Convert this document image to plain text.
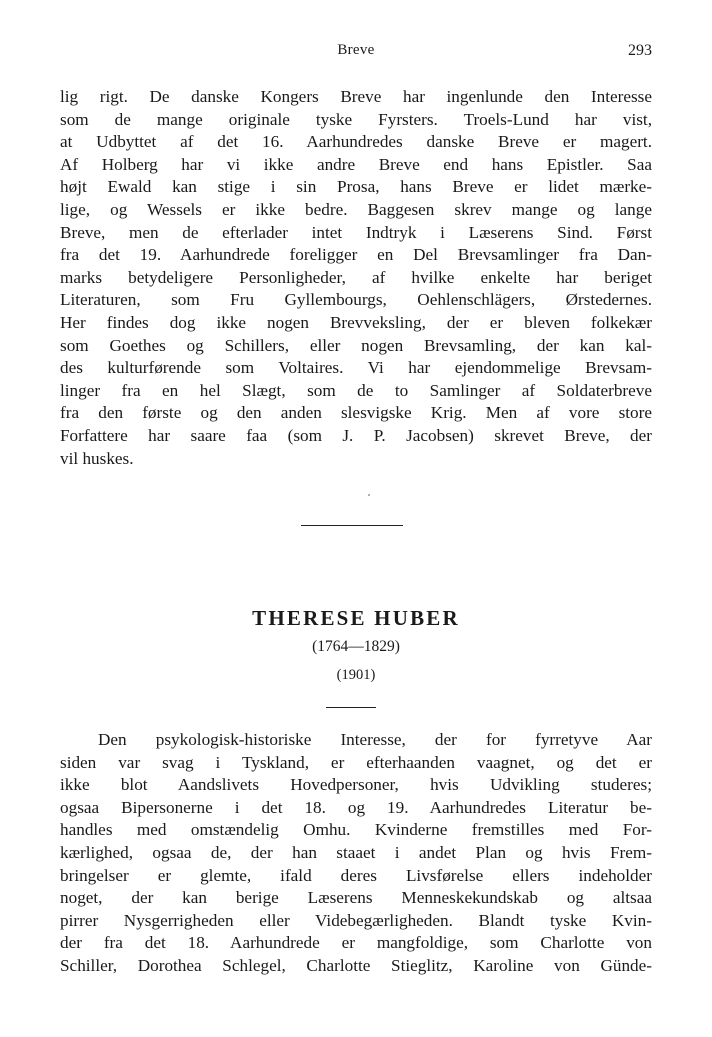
Breve	293
lig rigt. De danske Kongers Breve har ingenlunde den Interesse
som de mange originale tyske Fyrsters. Troels-Lund har vist,
at Udbyttet af det 16. Aarhundredes danske Breve er magert.
Af Holberg har vi ikke andre Breve end hans Epistler. Saa
højt Ewald kan stige i sin Prosa, hans Breve er lidet mærke-
lige, og Wessels er ikke bedre. Baggesen skrev mange og lange
Breve, men de efterlader intet Indtryk i Læserens Sind. Først
fra det 19. Aarhundrede foreligger en Del Brevsamlinger fra Dan-
marks betydeligere Personligheder, af hvilke enkelte har beriget
Literaturen, som Fru Gyllembourgs, Oehlenschlägers, Ørstedernes.
Her findes dog ikke nogen Brevveksling, der er bleven folkekær
som Goethes og Schillers, eller nogen Brevsamling, der kan kal-
des kulturførende som Voltaires. Vi har ejendommelige Brevsam-
linger fra en hel Slægt, som de to Samlinger af Soldaterbreve
fra den første og den anden slesvigske Krig. Men af vore store
Forfattere har saare faa (som J. P. Jacobsen) skrevet Breve, der
vil huskes.
THERESE HUBER
(1764—1829)
(1901)
Den psykologisk-historiske Interesse, der for fyrretyve Aar
siden var svag i Tyskland, er efterhaanden vaagnet, og det er
ikke blot Aandslivets Hovedpersoner, hvis Udvikling studeres;
ogsaa Bipersonerne i det 18. og 19. Aarhundredes Literatur be-
handles med omstændelig Omhu. Kvinderne fremstilles med For-
kærlighed, ogsaa de, der han staaet i andet Plan og hvis Frem-
bringelser er glemte, ifald deres Livsførelse ellers indeholder
noget, der kan berige Læserens Menneskekundskab og altsaa
pirrer Nysgerrigheden eller Videbegærligheden. Blandt tyske Kvin-
der fra det 18. Aarhundrede er mangfoldige, som Charlotte von
Schiller, Dorothea Schlegel, Charlotte Stieglitz, Karoline von Günde-
